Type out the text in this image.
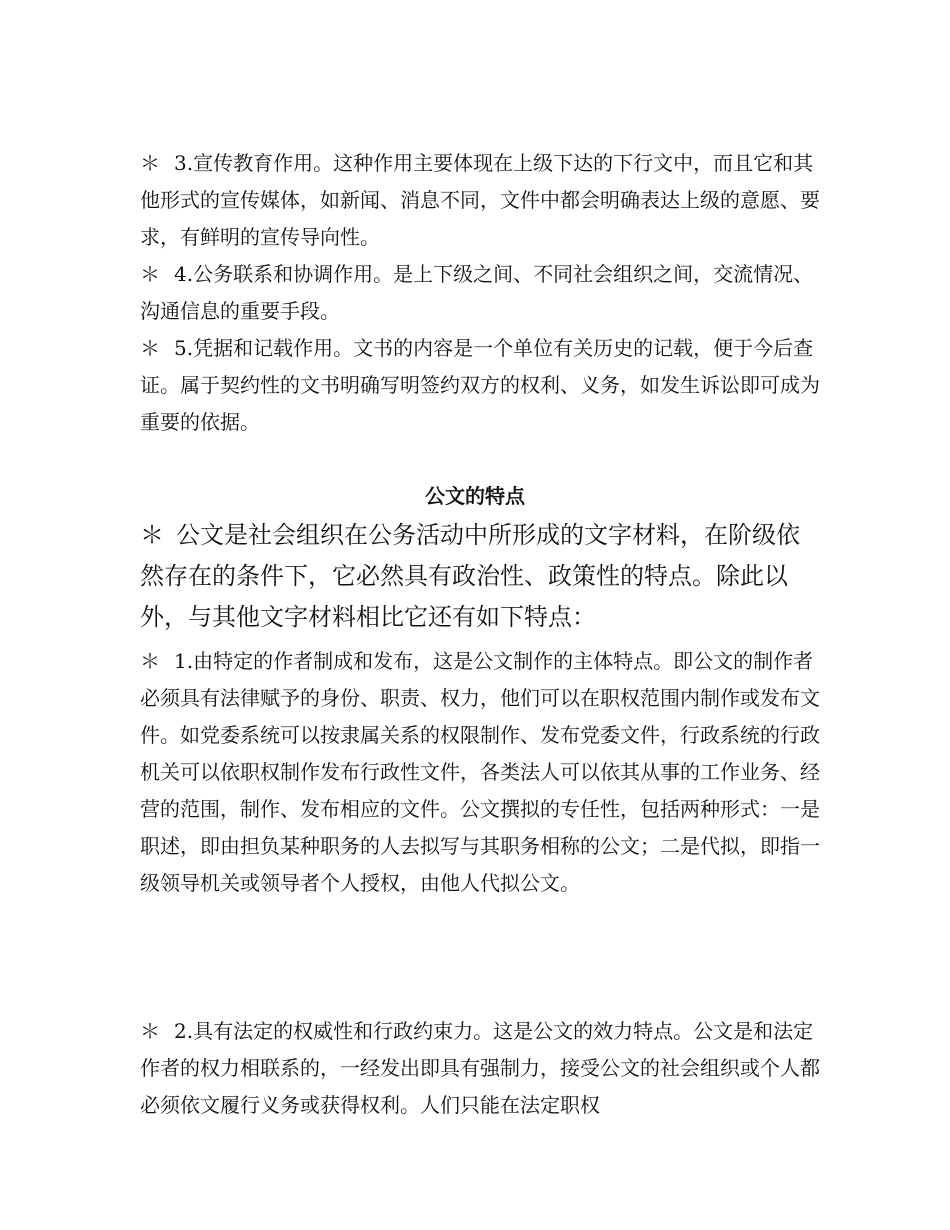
＊ 3.宣传教育作用。这种作用主要体现在上级下达的下行文中，而且它和其他形式的宣传媒体，如新闻、消息不同，文件中都会明确表达上级的意愿、要求，有鲜明的宣传导向性。

＊ 4.公务联系和协调作用。是上下级之间、不同社会组织之间，交流情况、沟通信息的重要手段。

＊ 5.凭据和记载作用。文书的内容是一个单位有关历史的记载，便于今后查证。属于契约性的文书明确写明签约双方的权利、义务，如发生诉讼即可成为重要的依据。

公文的特点

＊ 公文是社会组织在公务活动中所形成的文字材料，在阶级依然存在的条件下，它必然具有政治性、政策性的特点。除此以外，与其他文字材料相比它还有如下特点：

＊ 1.由特定的作者制成和发布，这是公文制作的主体特点。即公文的制作者必须具有法律赋予的身份、职责、权力，他们可以在职权范围内制作或发布文件。如党委系统可以按隶属关系的权限制作、发布党委文件，行政系统的行政机关可以依职权制作发布行政性文件，各类法人可以依其从事的工作业务、经营的范围，制作、发布相应的文件。公文撰拟的专任性，包括两种形式：一是职述，即由担负某种职务的人去拟写与其职务相称的公文；二是代拟，即指一级领导机关或领导者个人授权，由他人代拟公文。

＊ 2.具有法定的权威性和行政约束力。这是公文的效力特点。公文是和法定作者的权力相联系的，一经发出即具有强制力，接受公文的社会组织或个人都必须依文履行义务或获得权利。人们只能在法定职权
